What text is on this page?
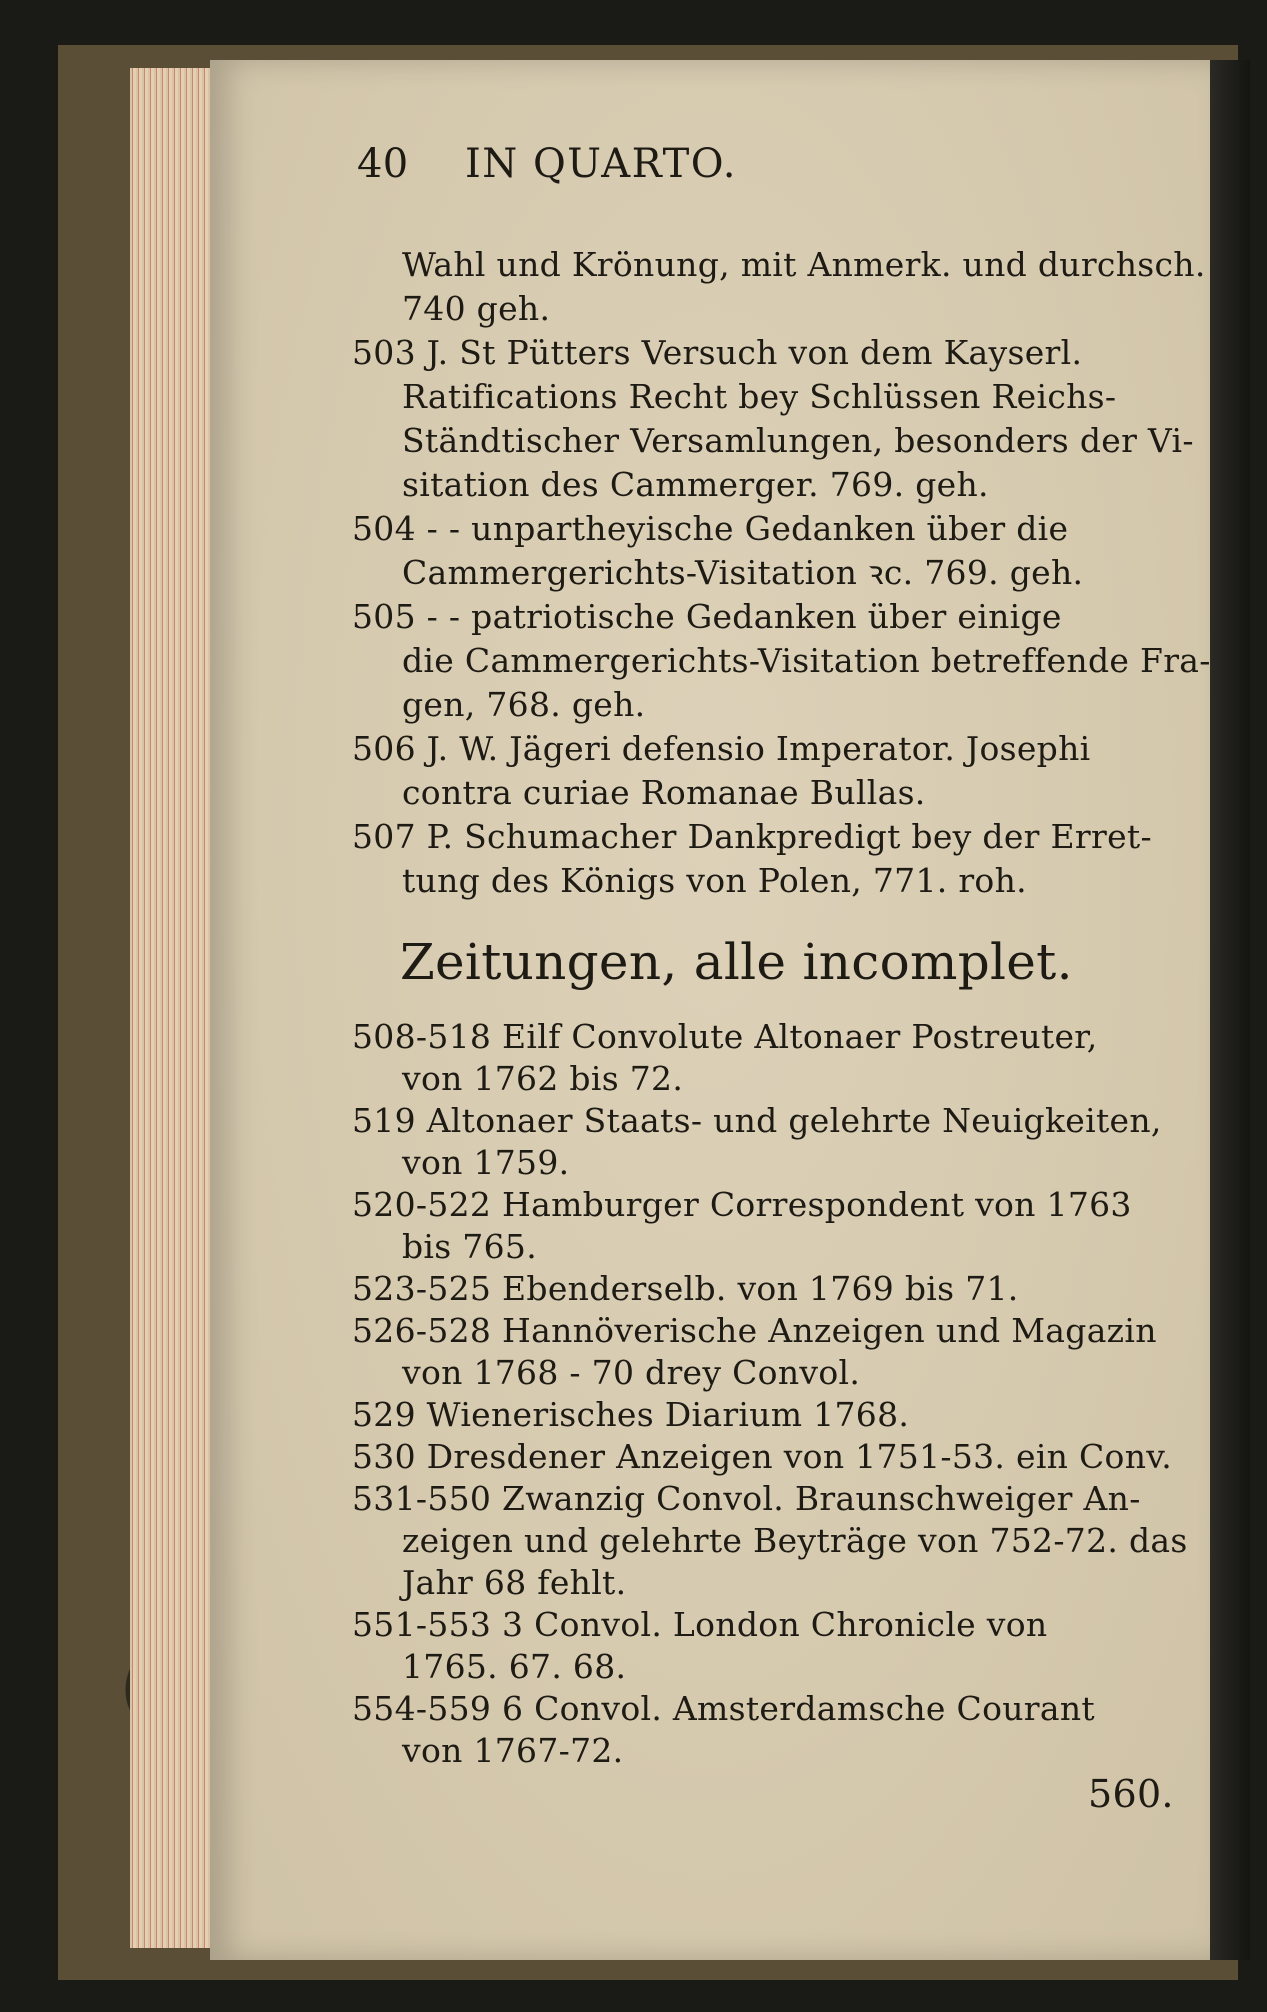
40 IN QUARTO.
Wahl und Krönung, mit Anmerk. und durchsch.
740 geh.
503 J. St Pütters Versuch von dem Kayserl.
Ratifications Recht bey Schlüssen Reichs-
Ständtischer Versamlungen, besonders der Vi-
sitation des Cammerger. 769. geh.
504 - - unpartheyische Gedanken über die
Cammergerichts-Visitation ꝛc. 769. geh.
505 - - patriotische Gedanken über einige
die Cammergerichts-Visitation betreffende Fra-
gen, 768. geh.
506 J. W. Jägeri defensio Imperator. Josephi
contra curiae Romanae Bullas.
507 P. Schumacher Dankpredigt bey der Erret-
tung des Königs von Polen, 771. roh.
Zeitungen, alle incomplet.
508-518 Eilf Convolute Altonaer Postreuter,
von 1762 bis 72.
519 Altonaer Staats- und gelehrte Neuigkeiten,
von 1759.
520-522 Hamburger Correspondent von 1763
bis 765.
523-525 Ebenderselb. von 1769 bis 71.
526-528 Hannöverische Anzeigen und Magazin
von 1768 - 70 drey Convol.
529 Wienerisches Diarium 1768.
530 Dresdener Anzeigen von 1751-53. ein Conv.
531-550 Zwanzig Convol. Braunschweiger An-
zeigen und gelehrte Beyträge von 752-72. das
Jahr 68 fehlt.
551-553 3 Convol. London Chronicle von
1765. 67. 68.
554-559 6 Convol. Amsterdamsche Courant
von 1767-72.
560.
